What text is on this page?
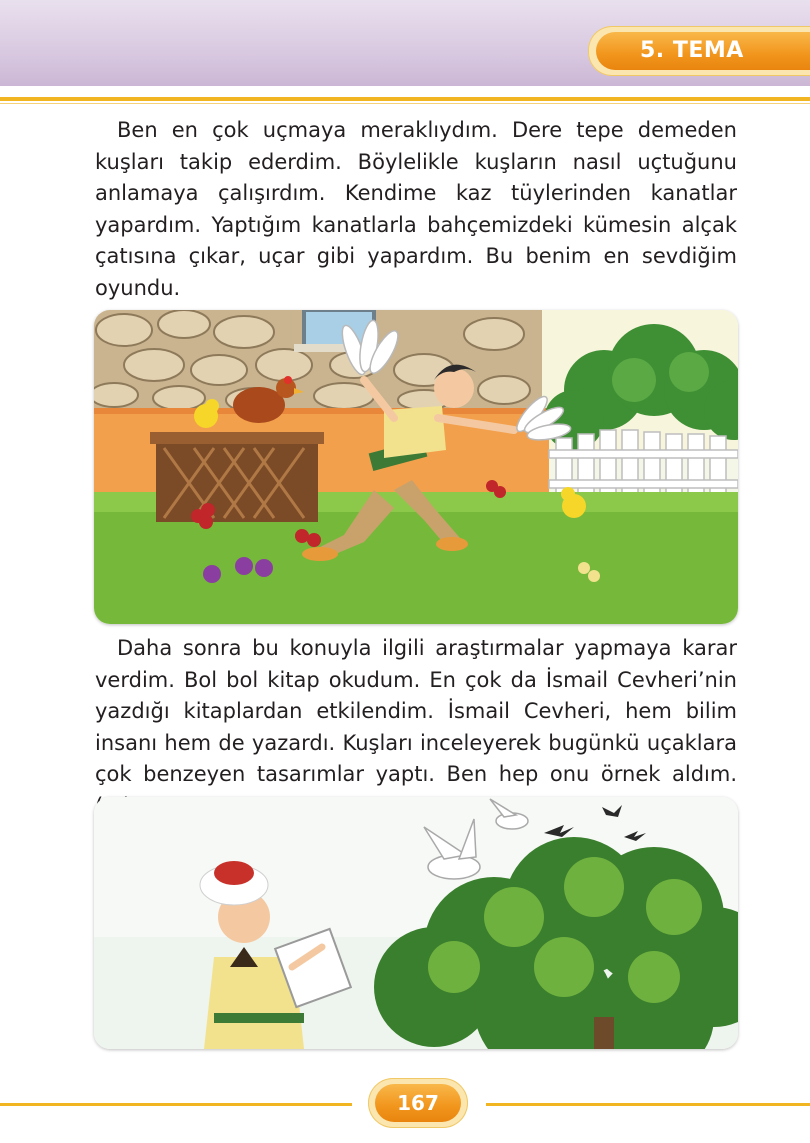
5. TEMA

Ben en çok uçmaya meraklıydım. Dere tepe demeden kuşları takip ederdim. Böylelikle kuşların nasıl uçtuğunu anlamaya çalışırdım. Kendime kaz tüylerinden kanatlar yapardım. Yaptığım kanatlarla bahçemizdeki kümesin alçak çatısına çıkar, uçar gibi yapardım. Bu benim en sevdiğim oyundu.

Daha sonra bu konuyla ilgili araştırmalar yapmaya karar verdim. Bol bol kitap okudum. En çok da İsmail Cevheri’nin yazdığı kitaplardan etkilendim. İsmail Cevheri, hem bilim insanı hem de yazardı. Kuşları inceleyerek bugünkü uçaklara çok benzeyen tasarımlar yaptı. Ben hep onu örnek aldım.

167
